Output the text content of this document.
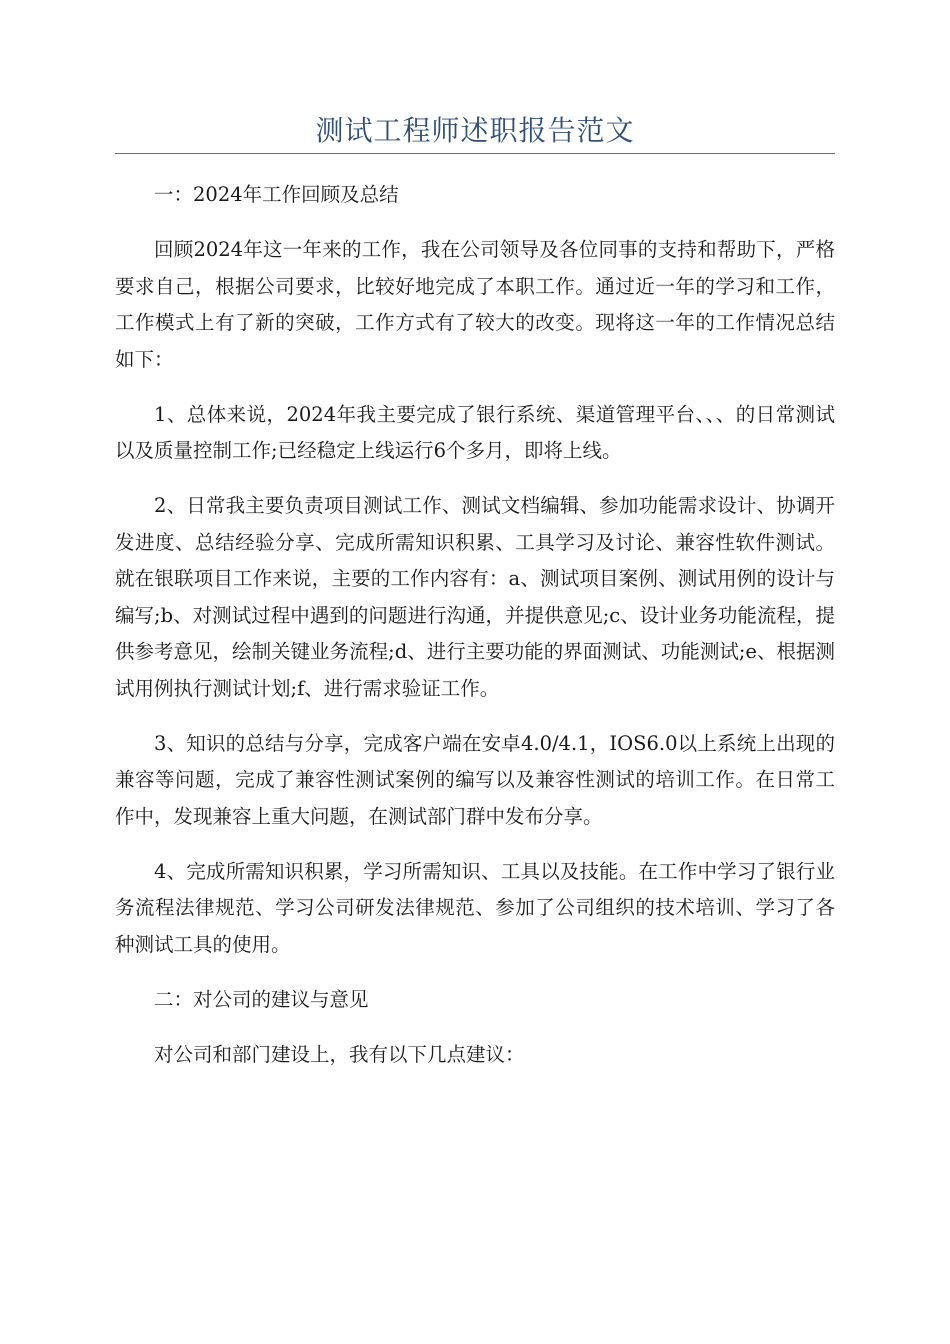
测试工程师述职报告范文

一：2024年工作回顾及总结

回顾2024年这一年来的工作，我在公司领导及各位同事的支持和帮助下，严格要求自己，根据公司要求，比较好地完成了本职工作。通过近一年的学习和工作，工作模式上有了新的突破，工作方式有了较大的改变。现将这一年的工作情况总结如下：

1、总体来说，2024年我主要完成了银行系统、渠道管理平台、、、的日常测试以及质量控制工作;已经稳定上线运行6个多月，即将上线。

2、日常我主要负责项目测试工作、测试文档编辑、参加功能需求设计、协调开发进度、总结经验分享、完成所需知识积累、工具学习及讨论、兼容性软件测试。就在银联项目工作来说，主要的工作内容有：a、测试项目案例、测试用例的设计与编写;b、对测试过程中遇到的问题进行沟通，并提供意见;c、设计业务功能流程，提供参考意见，绘制关键业务流程;d、进行主要功能的界面测试、功能测试;e、根据测试用例执行测试计划;f、进行需求验证工作。

3、知识的总结与分享，完成客户端在安卓4.0/4.1，IOS6.0以上系统上出现的兼容等问题，完成了兼容性测试案例的编写以及兼容性测试的培训工作。在日常工作中，发现兼容上重大问题，在测试部门群中发布分享。

4、完成所需知识积累，学习所需知识、工具以及技能。在工作中学习了银行业务流程法律规范、学习公司研发法律规范、参加了公司组织的技术培训、学习了各种测试工具的使用。

二：对公司的建议与意见

对公司和部门建设上，我有以下几点建议：
